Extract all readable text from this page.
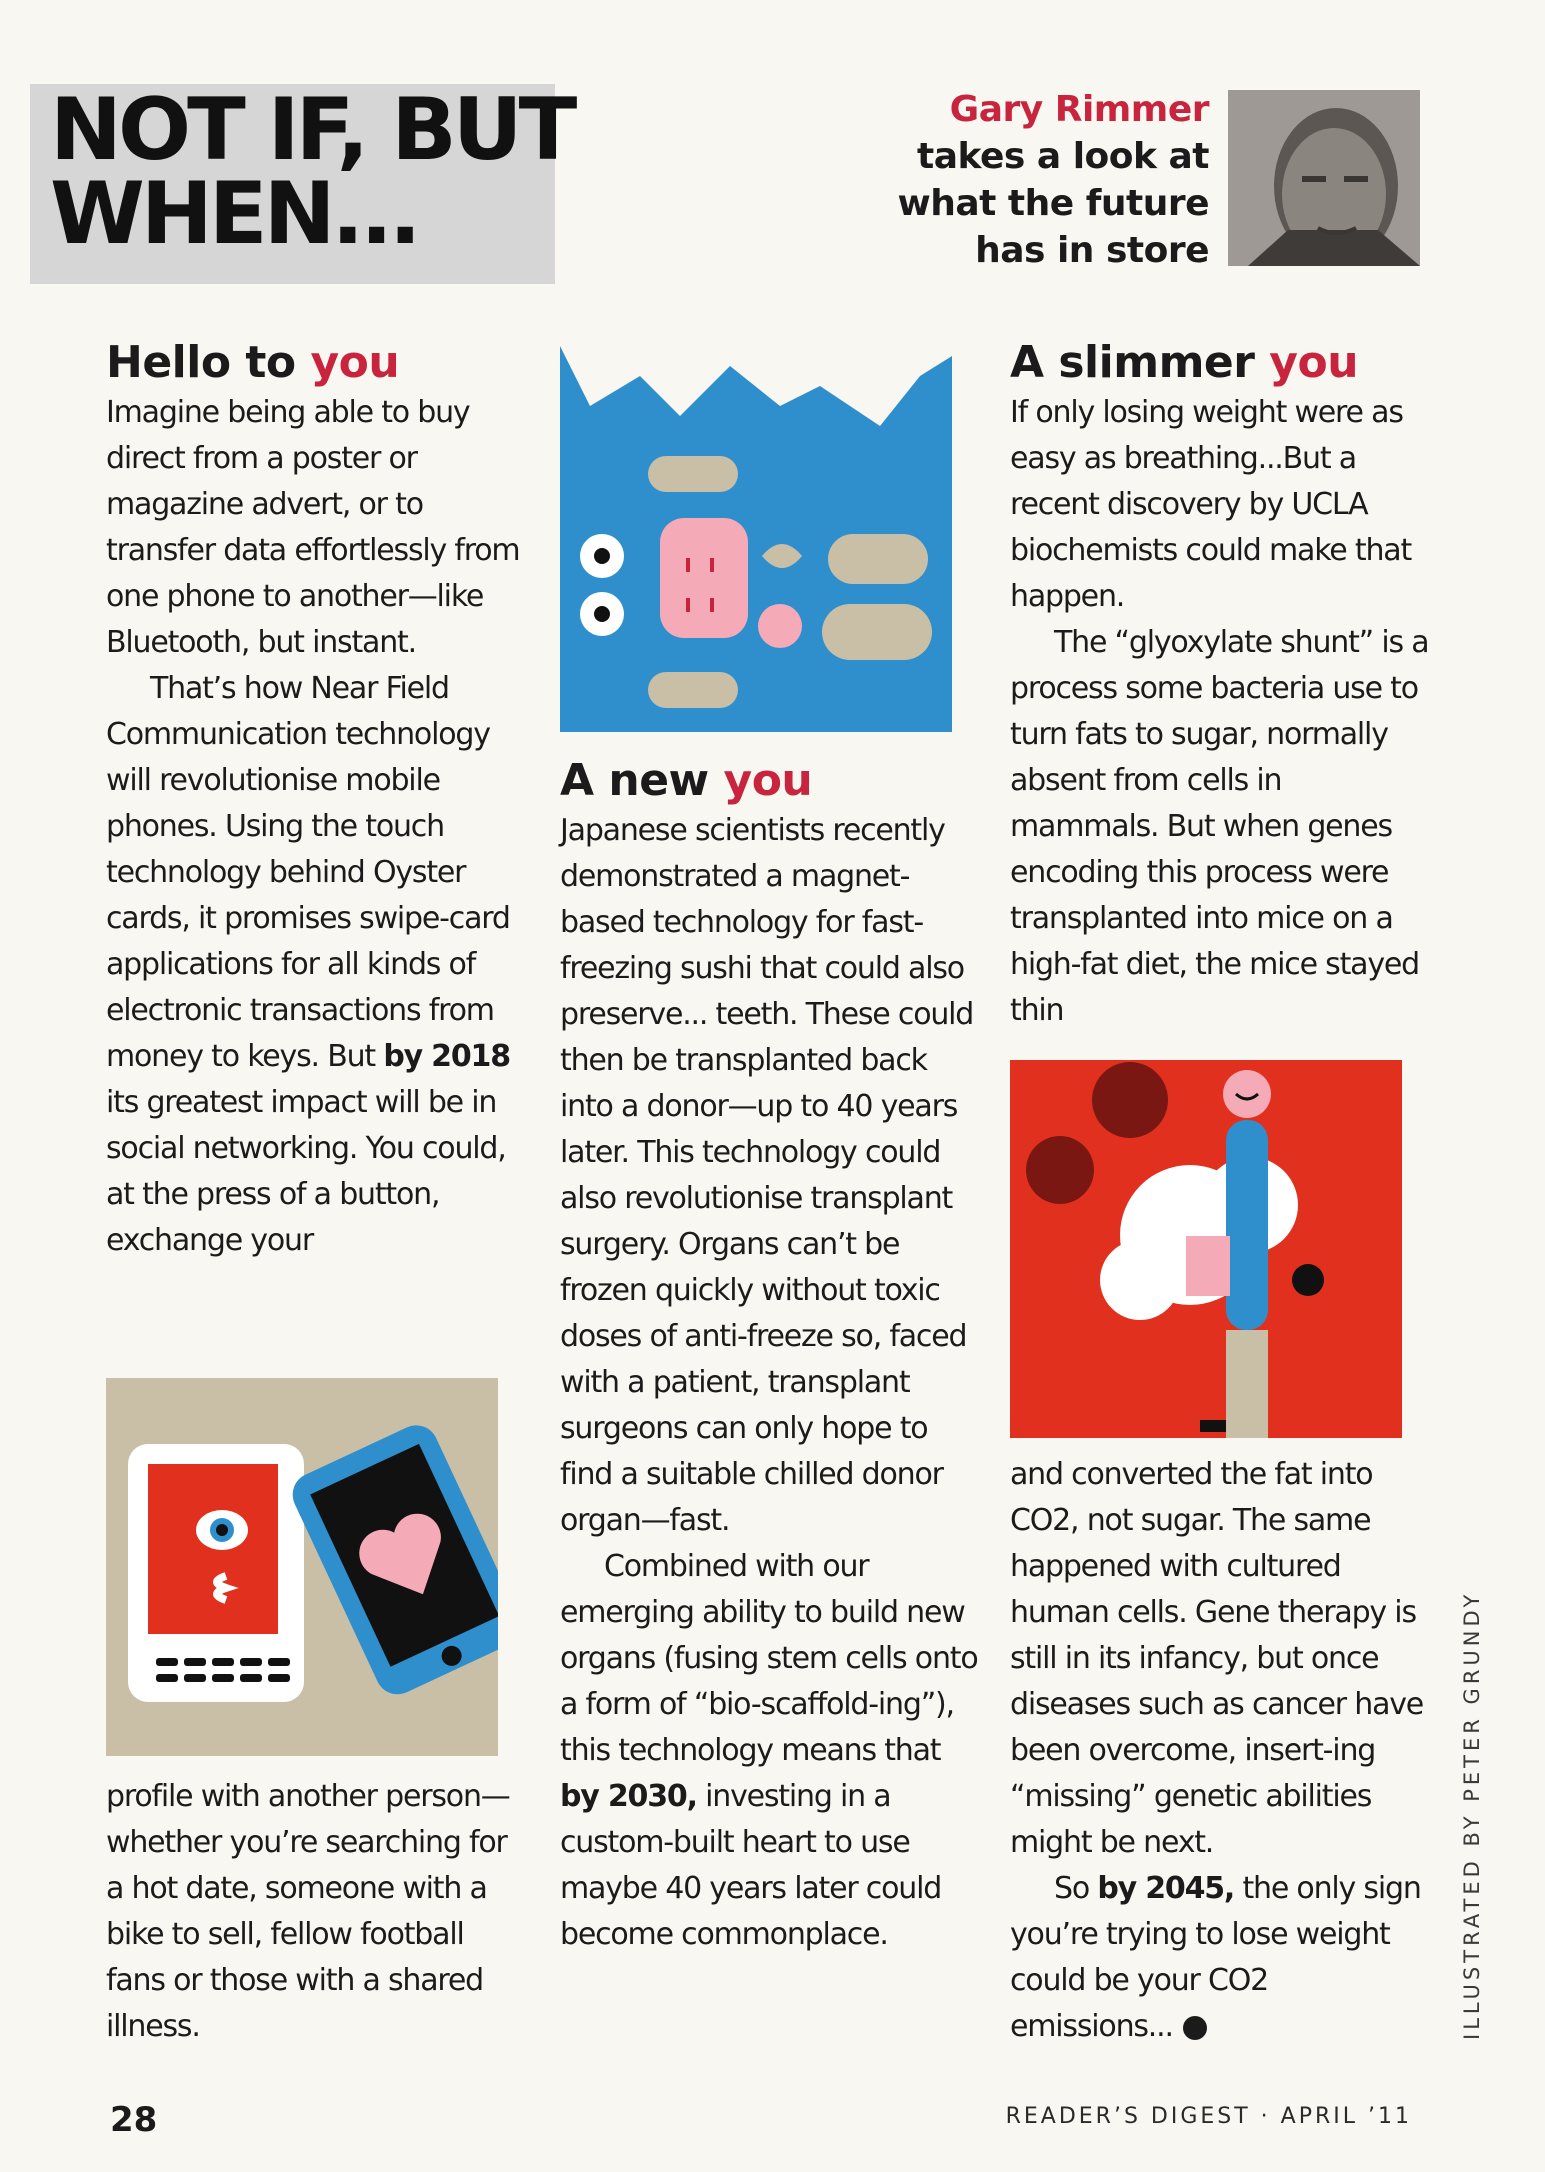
NOT IF, BUT
WHEN...
Gary Rimmer
takes a look at
what the future
has in store
Hello to you

Imagine being able to buy direct from a poster or magazine advert, or to transfer data effortlessly from one phone to another—like Bluetooth, but instant.

That’s how Near Field Communication technology will revolutionise mobile phones. Using the touch technology behind Oyster cards, it promises swipe-card applications for all kinds of electronic transactions from money to keys. But by 2018 its greatest impact will be in social networking. You could, at the press of a button, exchange your

profile with another person—whether you’re searching for a hot date, someone with a bike to sell, fellow football fans or those with a shared illness.

A new you

Japanese scientists recently demonstrated a magnet-based technology for fast-freezing sushi that could also preserve... teeth. These could then be transplanted back into a donor—up to 40 years later. This technology could also revolutionise transplant surgery. Organs can’t be frozen quickly without toxic doses of anti-freeze so, faced with a patient, transplant surgeons can only hope to find a suitable chilled donor organ—fast.

Combined with our emerging ability to build new organs (fusing stem cells onto a form of “bio-scaffold-ing”), this technology means that by 2030, investing in a custom-built heart to use maybe 40 years later could become commonplace.

A slimmer you

If only losing weight were as easy as breathing...But a recent discovery by UCLA biochemists could make that happen.

The “glyoxylate shunt” is a process some bacteria use to turn fats to sugar, normally absent from cells in mammals. But when genes encoding this process were transplanted into mice on a high-fat diet, the mice stayed thin

and converted the fat into CO2, not sugar. The same happened with cultured human cells. Gene therapy is still in its infancy, but once diseases such as cancer have been overcome, insert-ing “missing” genetic abilities might be next.

So by 2045, the only sign you’re trying to lose weight could be your CO2 emissions...	ILLUSTRATED BY PETER GRUNDY
28	READER’S DIGEST · APRIL ’11
